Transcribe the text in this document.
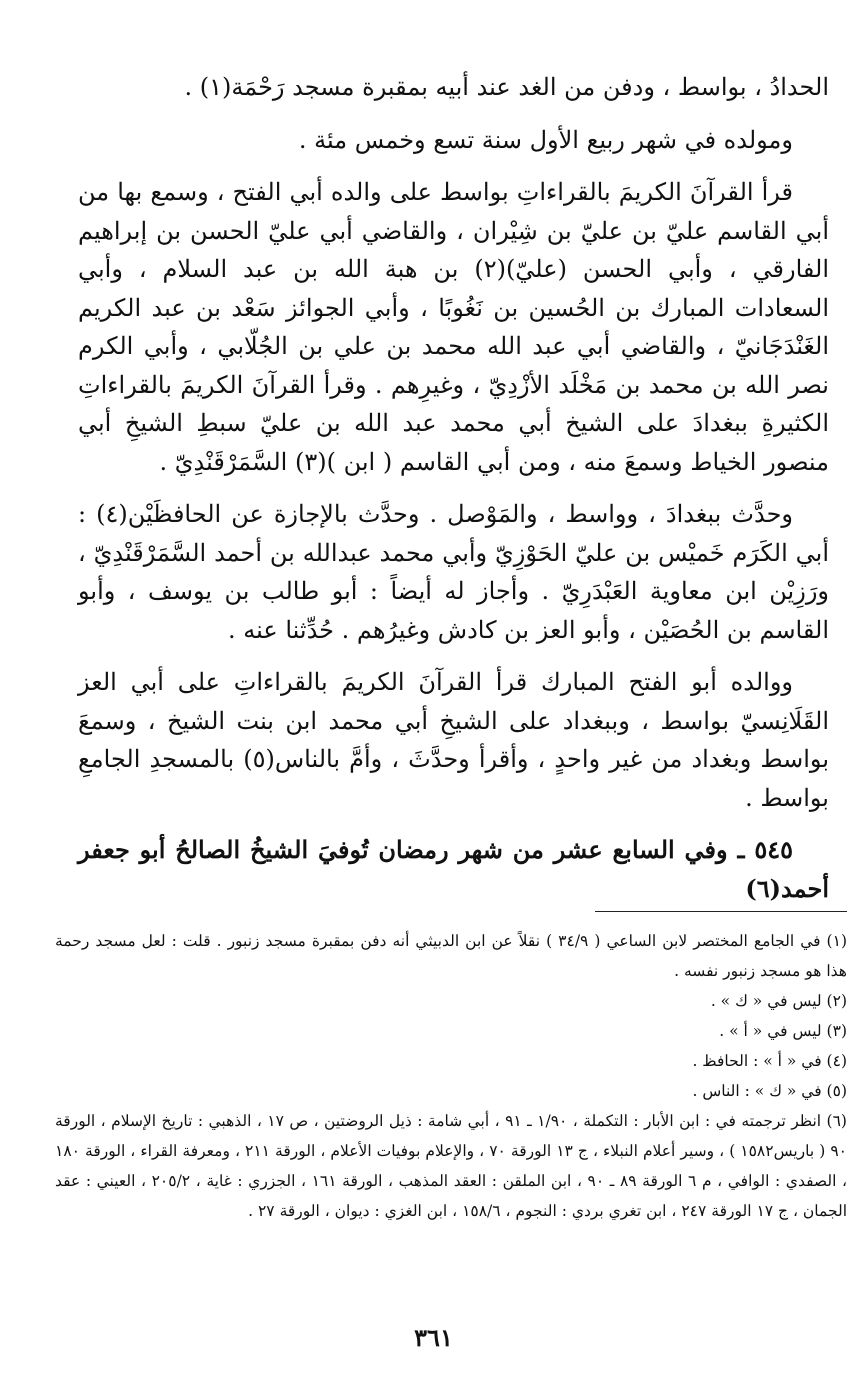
الحدادُ ، بواسط ، ودفن من الغد عند أبيه بمقبرة مسجد رَحْمَة(١) .

ومولده في شهر ربيع الأول سنة تسع وخمس مئة .

قرأ القرآنَ الكريمَ بالقراءاتِ بواسط على والده أبي الفتح ، وسمع بها من أبي القاسم عليّ بن عليّ بن شِيْران ، والقاضي أبي عليّ الحسن بن إبراهيم الفارقي ، وأبي الحسن (عليّ)(٢) بن هبة الله بن عبد السلام ، وأبي السعادات المبارك بن الحُسين بن نَغُوبًا ، وأبي الجوائز سَعْد بن عبد الكريم الغَنْدَجَانيّ ، والقاضي أبي عبد الله محمد بن علي بن الجُلّابي ، وأبي الكرم نصر الله بن محمد بن مَخْلَد الأزْدِيّ ، وغيرِهم . وقرأ القرآنَ الكريمَ بالقراءاتِ الكثيرةِ ببغدادَ على الشيخ أبي محمد عبد الله بن عليّ سبطِ الشيخِ أبي منصور الخياط وسمعَ منه ، ومن أبي القاسم ( ابن )(٣) السَّمَرْقَنْدِيّ .

وحدَّث ببغدادَ ، وواسط ، والمَوْصل . وحدَّث بالإجازة عن الحافظَيْن(٤) : أبي الكَرَم خَميْس بن عليّ الحَوْزِيّ وأبي محمد عبدالله بن أحمد السَّمَرْقَنْدِيّ ، ورَزِيْن ابن معاوية العَبْدَرِيّ . وأجاز له أيضاً : أبو طالب بن يوسف ، وأبو القاسم بن الحُصَيْن ، وأبو العز بن كادش وغيرُهم . حُدِّثنا عنه .

ووالده أبو الفتح المبارك قرأ القرآنَ الكريمَ بالقراءاتِ على أبي العز القَلَانِسيّ بواسط ، وببغداد على الشيخِ أبي محمد ابن بنت الشيخ ، وسمعَ بواسط وبغداد من غير واحدٍ ، وأقرأ وحدَّثَ ، وأمَّ بالناس(٥) بالمسجدِ الجامعِ بواسط .

٥٤٥ ـ وفي السابع عشر من شهر رمضان تُوفيَ الشيخُ الصالحُ أبو جعفر أحمد(٦)

(١) في الجامع المختصر لابن الساعي ( ٣٤/٩ ) نقلاً عن ابن الدبيثي أنه دفن بمقبرة مسجد زنبور . قلت : لعل مسجد رحمة هذا هو مسجد زنبور نفسه .

(٢) ليس في « ك » .

(٣) ليس في « أ » .

(٤) في « أ » : الحافظ .

(٥) في « ك » : الناس .

(٦) انظر ترجمته في : ابن الأبار : التكملة ، ١/٩٠ ـ ٩١ ، أبي شامة : ذيل الروضتين ، ص ١٧ ، الذهبي : تاريخ الإسلام ، الورقة ٩٠ ( باريس١٥٨٢ ) ، وسير أعلام النبلاء ، ج ١٣ الورقة ٧٠ ، والإعلام بوفيات الأعلام ، الورقة ٢١١ ، ومعرفة القراء ، الورقة ١٨٠ ، الصفدي : الوافي ، م ٦ الورقة ٨٩ ـ ٩٠ ، ابن الملقن : العقد المذهب ، الورقة ١٦١ ، الجزري : غاية ، ٢٠٥/٢ ، العيني : عقد الجمان ، ج ١٧ الورقة ٢٤٧ ، ابن تغري بردي : النجوم ، ١٥٨/٦ ، ابن الغزي : ديوان ، الورقة ٢٧ .

٣٦١
